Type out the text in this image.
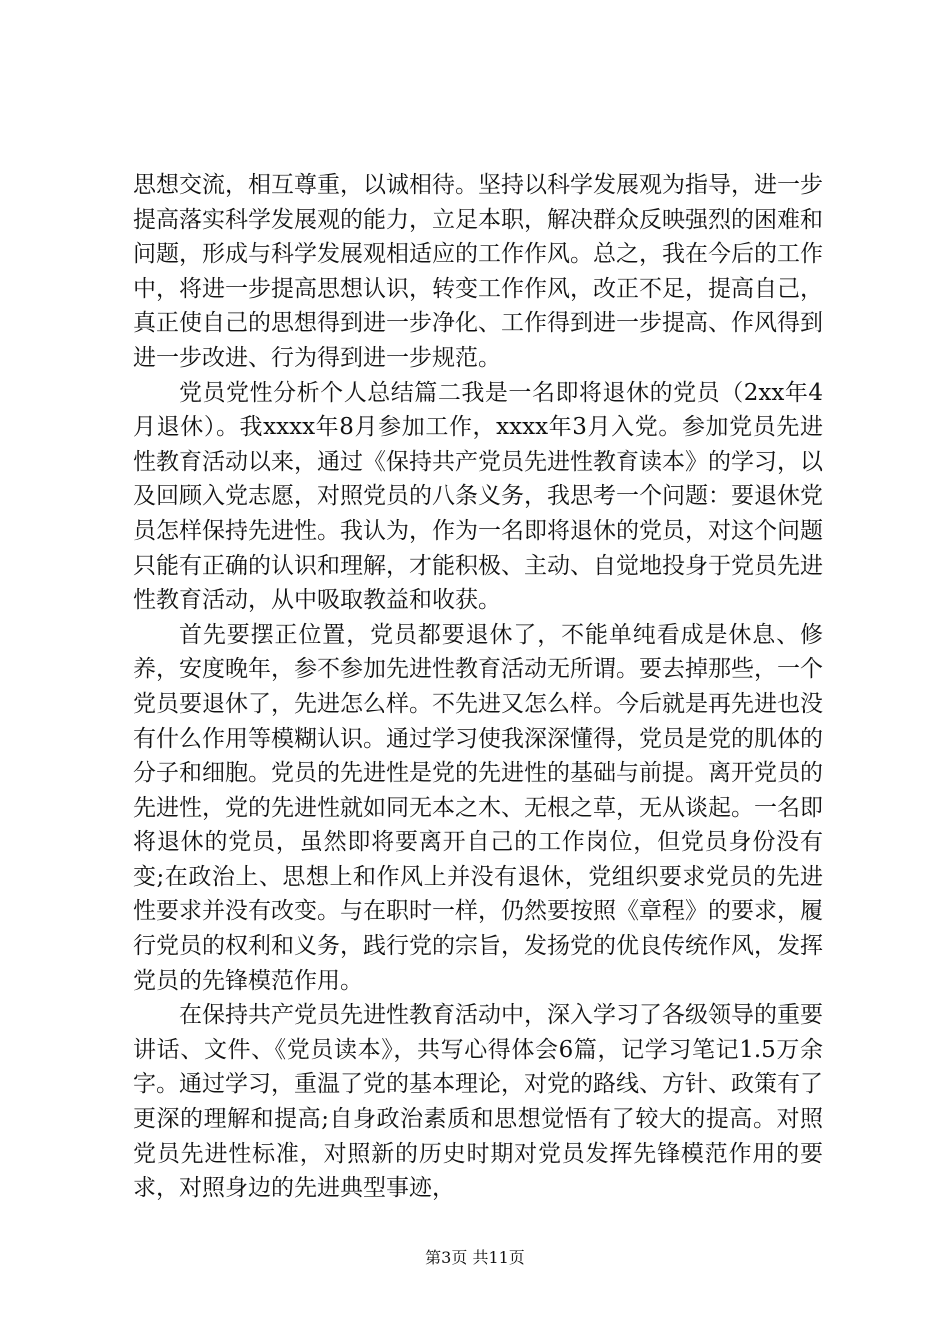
思想交流，相互尊重，以诚相待。坚持以科学发展观为指导，进一步提高落实科学发展观的能力，立足本职，解决群众反映强烈的困难和问题，形成与科学发展观相适应的工作作风。总之，我在今后的工作中，将进一步提高思想认识，转变工作作风，改正不足，提高自己，真正使自己的思想得到进一步净化、工作得到进一步提高、作风得到进一步改进、行为得到进一步规范。

党员党性分析个人总结篇二我是一名即将退休的党员（2xx年4月退休）。我xxxx年8月参加工作，xxxx年3月入党。参加党员先进性教育活动以来，通过《保持共产党员先进性教育读本》的学习，以及回顾入党志愿，对照党员的八条义务，我思考一个问题：要退休党员怎样保持先进性。我认为，作为一名即将退休的党员，对这个问题只能有正确的认识和理解，才能积极、主动、自觉地投身于党员先进性教育活动，从中吸取教益和收获。

首先要摆正位置，党员都要退休了，不能单纯看成是休息、修养，安度晚年，参不参加先进性教育活动无所谓。要去掉那些，一个党员要退休了，先进怎么样。不先进又怎么样。今后就是再先进也没有什么作用等模糊认识。通过学习使我深深懂得，党员是党的肌体的分子和细胞。党员的先进性是党的先进性的基础与前提。离开党员的先进性，党的先进性就如同无本之木、无根之草，无从谈起。一名即将退休的党员，虽然即将要离开自己的工作岗位，但党员身份没有变;在政治上、思想上和作风上并没有退休，党组织要求党员的先进性要求并没有改变。与在职时一样，仍然要按照《章程》的要求，履行党员的权利和义务，践行党的宗旨，发扬党的优良传统作风，发挥党员的先锋模范作用。

在保持共产党员先进性教育活动中，深入学习了各级领导的重要讲话、文件、《党员读本》，共写心得体会6篇，记学习笔记1.5万余字。通过学习，重温了党的基本理论，对党的路线、方针、政策有了更深的理解和提高;自身政治素质和思想觉悟有了较大的提高。对照党员先进性标准，对照新的历史时期对党员发挥先锋模范作用的要求，对照身边的先进典型事迹，

第3页 共11页
